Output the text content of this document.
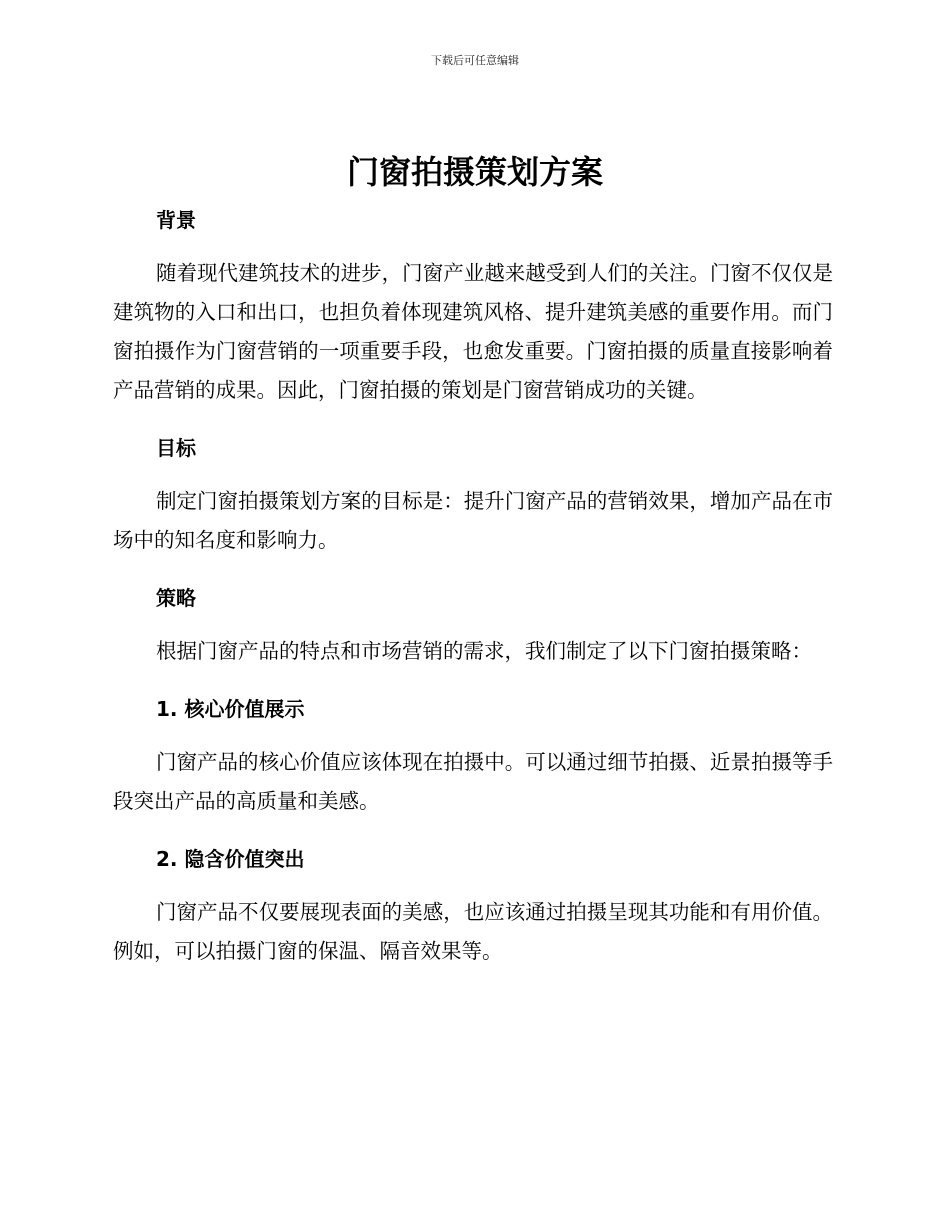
下载后可任意编辑
门窗拍摄策划方案
背景

随着现代建筑技术的进步，门窗产业越来越受到人们的关注。门窗不仅仅是建筑物的入口和出口，也担负着体现建筑风格、提升建筑美感的重要作用。而门窗拍摄作为门窗营销的一项重要手段，也愈发重要。门窗拍摄的质量直接影响着产品营销的成果。因此，门窗拍摄的策划是门窗营销成功的关键。

目标

制定门窗拍摄策划方案的目标是：提升门窗产品的营销效果，增加产品在市场中的知名度和影响力。

策略

根据门窗产品的特点和市场营销的需求，我们制定了以下门窗拍摄策略：

1. 核心价值展示

门窗产品的核心价值应该体现在拍摄中。可以通过细节拍摄、近景拍摄等手段突出产品的高质量和美感。

2. 隐含价值突出

门窗产品不仅要展现表面的美感，也应该通过拍摄呈现其功能和有用价值。例如，可以拍摄门窗的保温、隔音效果等。
